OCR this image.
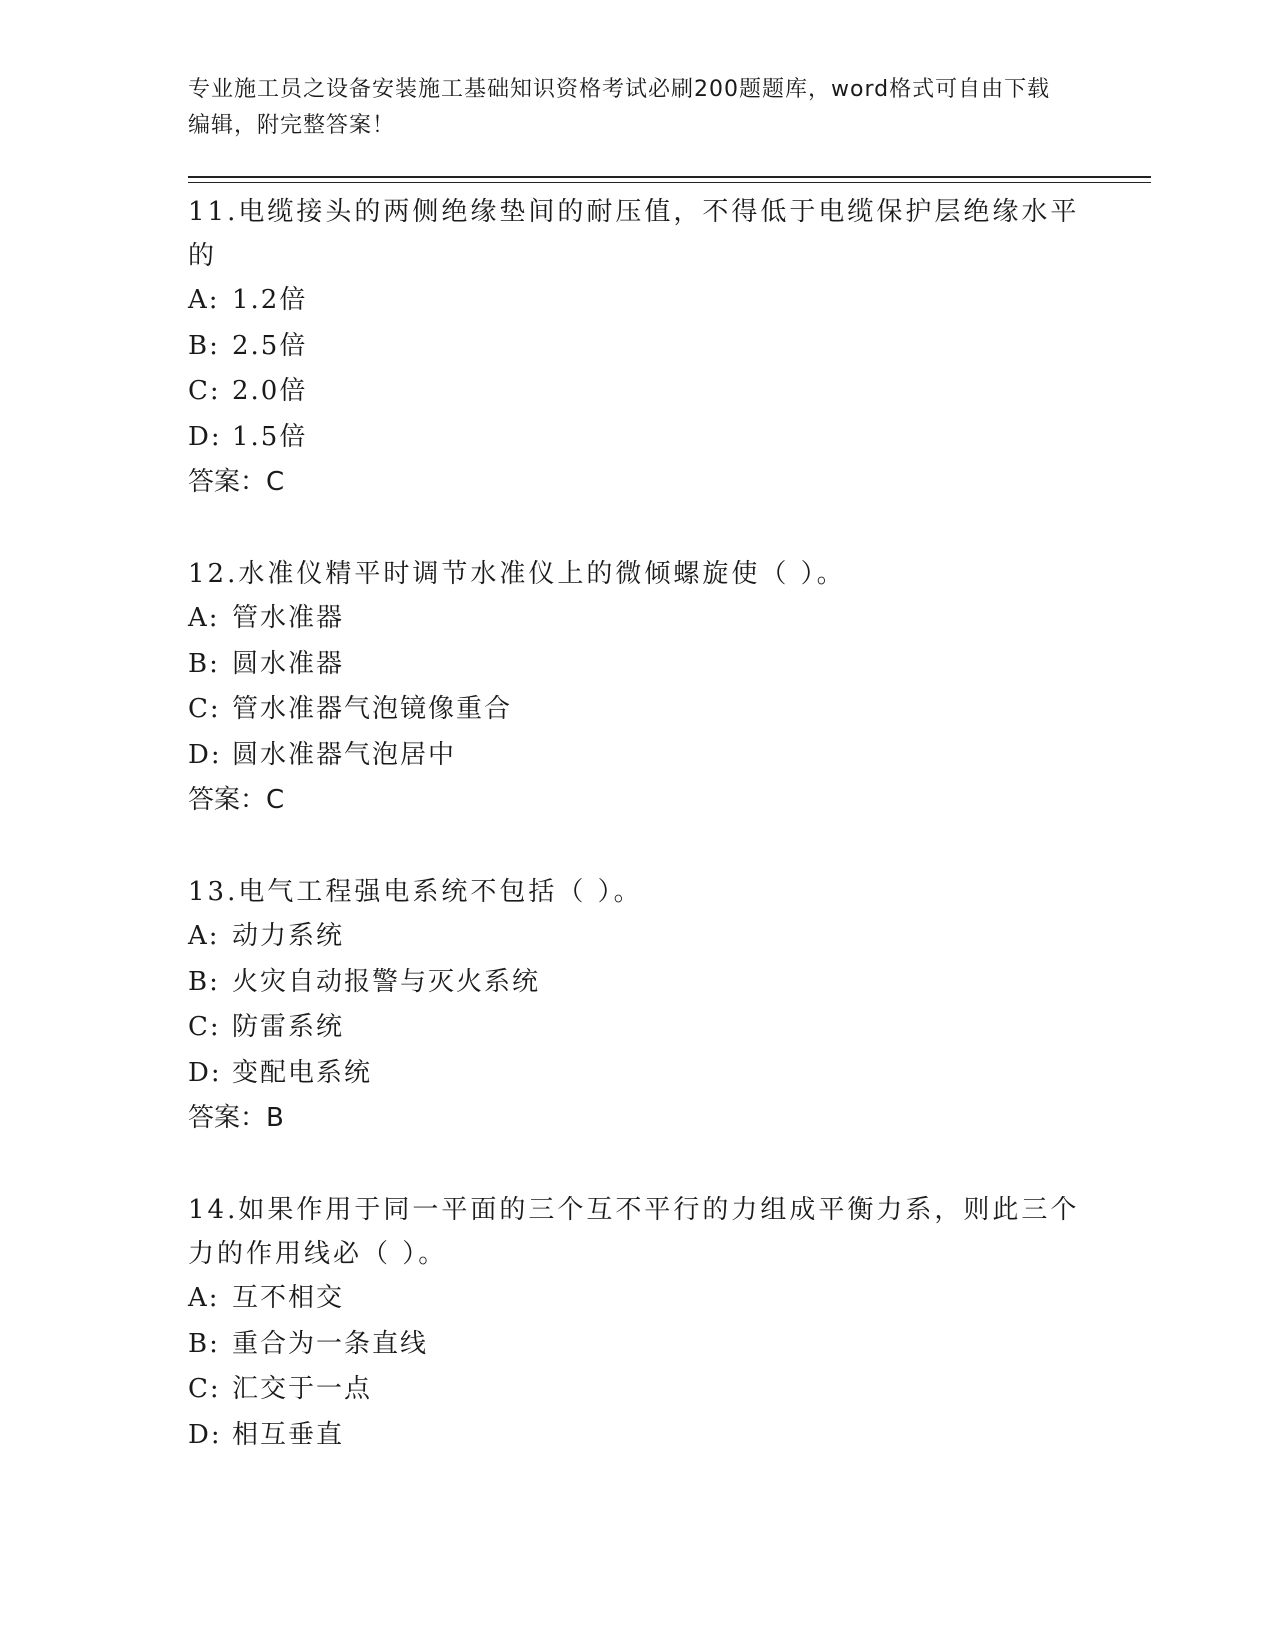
专业施工员之设备安装施工基础知识资格考试必刷200题题库，word格式可自由下载编辑，附完整答案！

11.电缆接头的两侧绝缘垫间的耐压值，不得低于电缆保护层绝缘水平的

A: 1.2倍

B: 2.5倍

C: 2.0倍

D: 1.5倍

答案：C

12.水准仪精平时调节水准仪上的微倾螺旋使（ ）。

A: 管水准器

B: 圆水准器

C: 管水准器气泡镜像重合

D: 圆水准器气泡居中

答案：C

13.电气工程强电系统不包括（ ）。

A: 动力系统

B: 火灾自动报警与灭火系统

C: 防雷系统

D: 变配电系统

答案：B

14.如果作用于同一平面的三个互不平行的力组成平衡力系，则此三个力的作用线必（ ）。

A: 互不相交

B: 重合为一条直线

C: 汇交于一点

D: 相互垂直
